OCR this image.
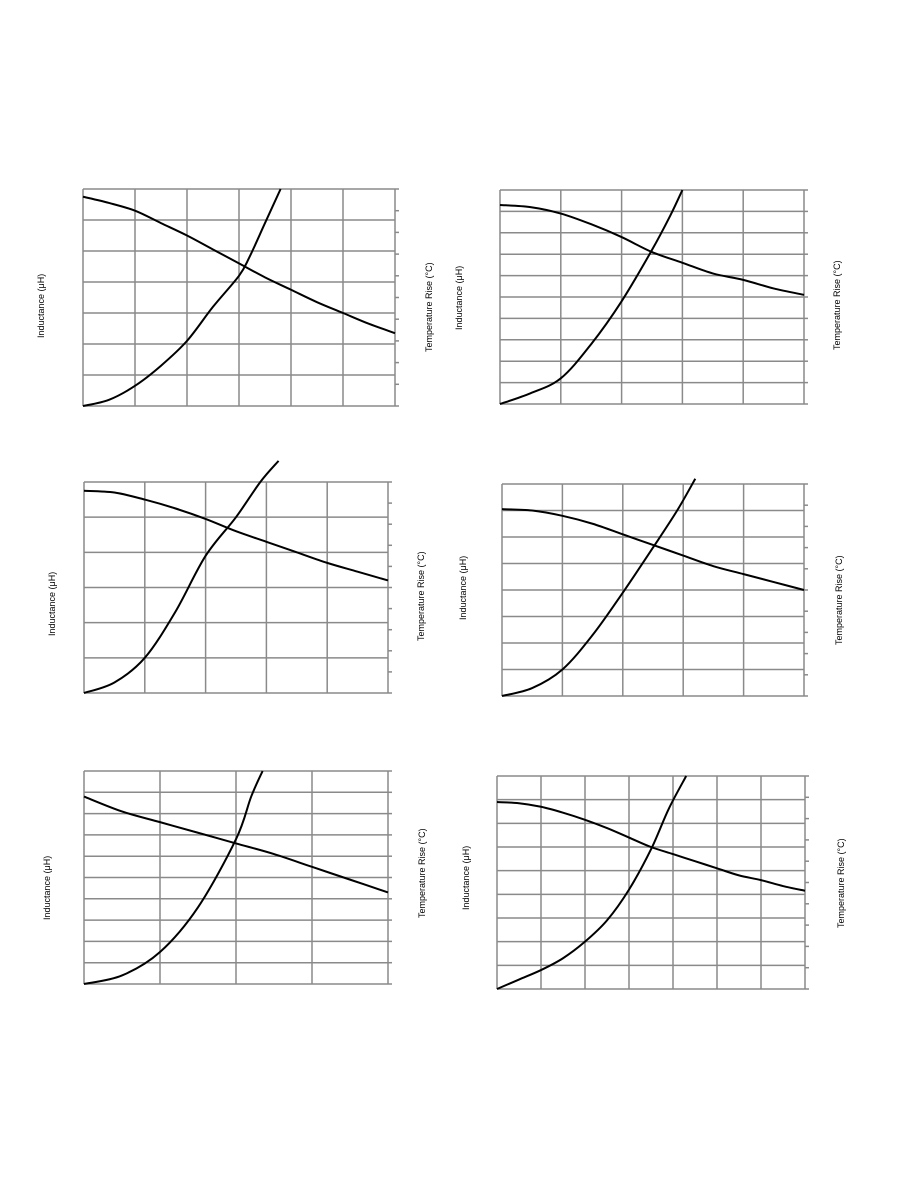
Inductance (μH)	Temperature Rise (°C) Inductance (μH)	Temperature Rise (°C)
Inductance (μH)	Temperature Rise (°C)	Inductance (μH)	Temperature Rise (°C)
Inductance (μH)	Temperature Rise (°C)	Inductance (μH)	Temperature Rise (°C)
